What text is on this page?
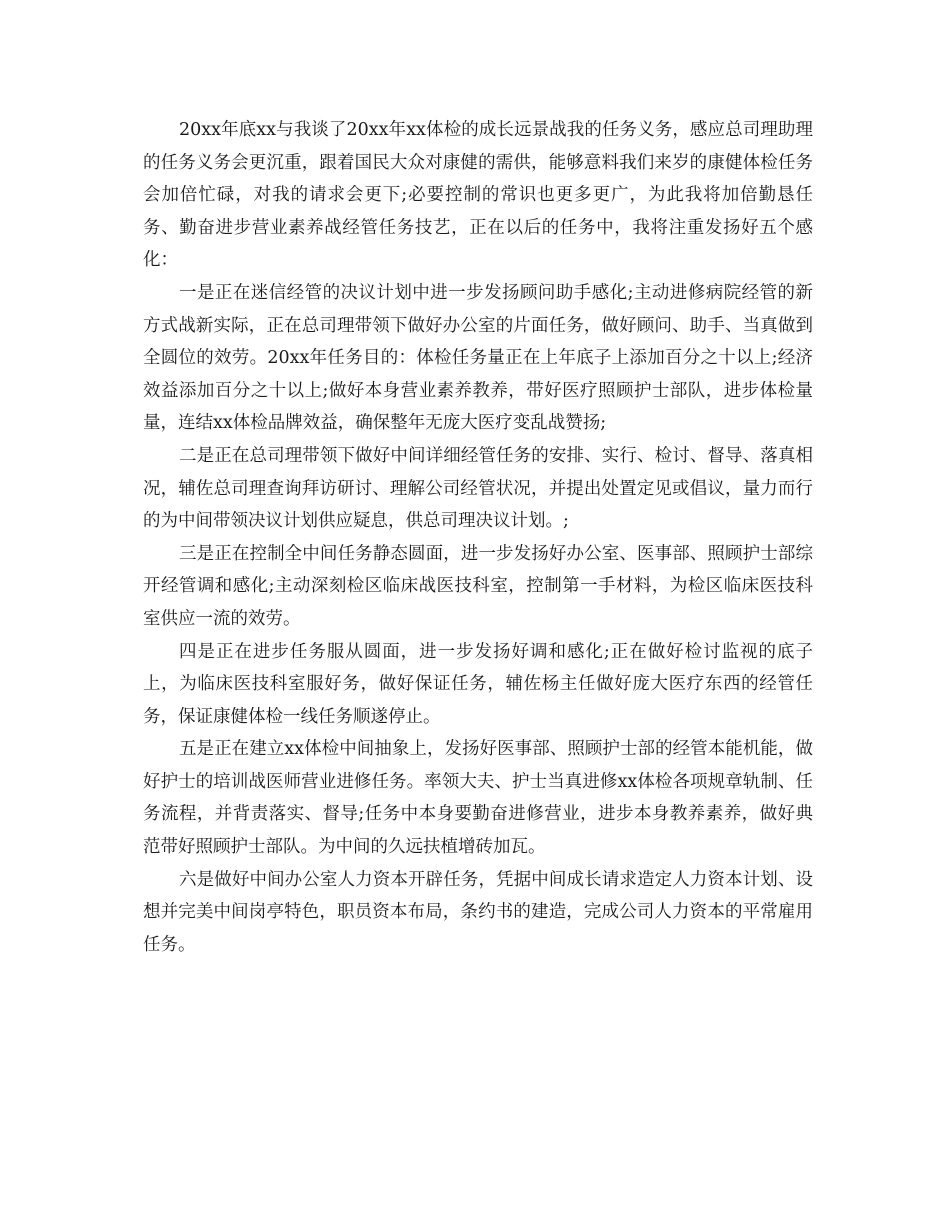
20xx年底xx与我谈了20xx年xx体检的成长远景战我的任务义务，感应总司理助理的任务义务会更沉重，跟着国民大众对康健的需供，能够意料我们来岁的康健体检任务会加倍忙碌，对我的请求会更下;必要控制的常识也更多更广，为此我将加倍勤恳任务、勤奋进步营业素养战经管任务技艺，正在以后的任务中，我将注重发扬好五个感化：

一是正在迷信经管的决议计划中进一步发扬顾问助手感化;主动进修病院经管的新方式战新实际，正在总司理带领下做好办公室的片面任务，做好顾问、助手、当真做到全圆位的效劳。20xx年任务目的：体检任务量正在上年底子上添加百分之十以上;经济效益添加百分之十以上;做好本身营业素养教养，带好医疗照顾护士部队，进步体检量量，连结xx体检品牌效益，确保整年无庞大医疗变乱战赞扬;

二是正在总司理带领下做好中间详细经管任务的安排、实行、检讨、督导、落真相况，辅佐总司理查询拜访研讨、理解公司经管状况，并提出处置定见或倡议，量力而行的为中间带领决议计划供应疑息，供总司理决议计划。;

三是正在控制全中间任务静态圆面，进一步发扬好办公室、医事部、照顾护士部综开经管调和感化;主动深刻检区临床战医技科室，控制第一手材料，为检区临床医技科室供应一流的效劳。

四是正在进步任务服从圆面，进一步发扬好调和感化;正在做好检讨监视的底子上，为临床医技科室服好务，做好保证任务，辅佐杨主任做好庞大医疗东西的经管任务，保证康健体检一线任务顺遂停止。

五是正在建立xx体检中间抽象上，发扬好医事部、照顾护士部的经管本能机能，做好护士的培训战医师营业进修任务。率领大夫、护士当真进修xx体检各项规章轨制、任务流程，并背责落实、督导;任务中本身要勤奋进修营业，进步本身教养素养，做好典范带好照顾护士部队。为中间的久远扶植增砖加瓦。

六是做好中间办公室人力资本开辟任务，凭据中间成长请求造定人力资本计划、设想并完美中间岗亭特色，职员资本布局，条约书的建造，完成公司人力资本的平常雇用任务。
